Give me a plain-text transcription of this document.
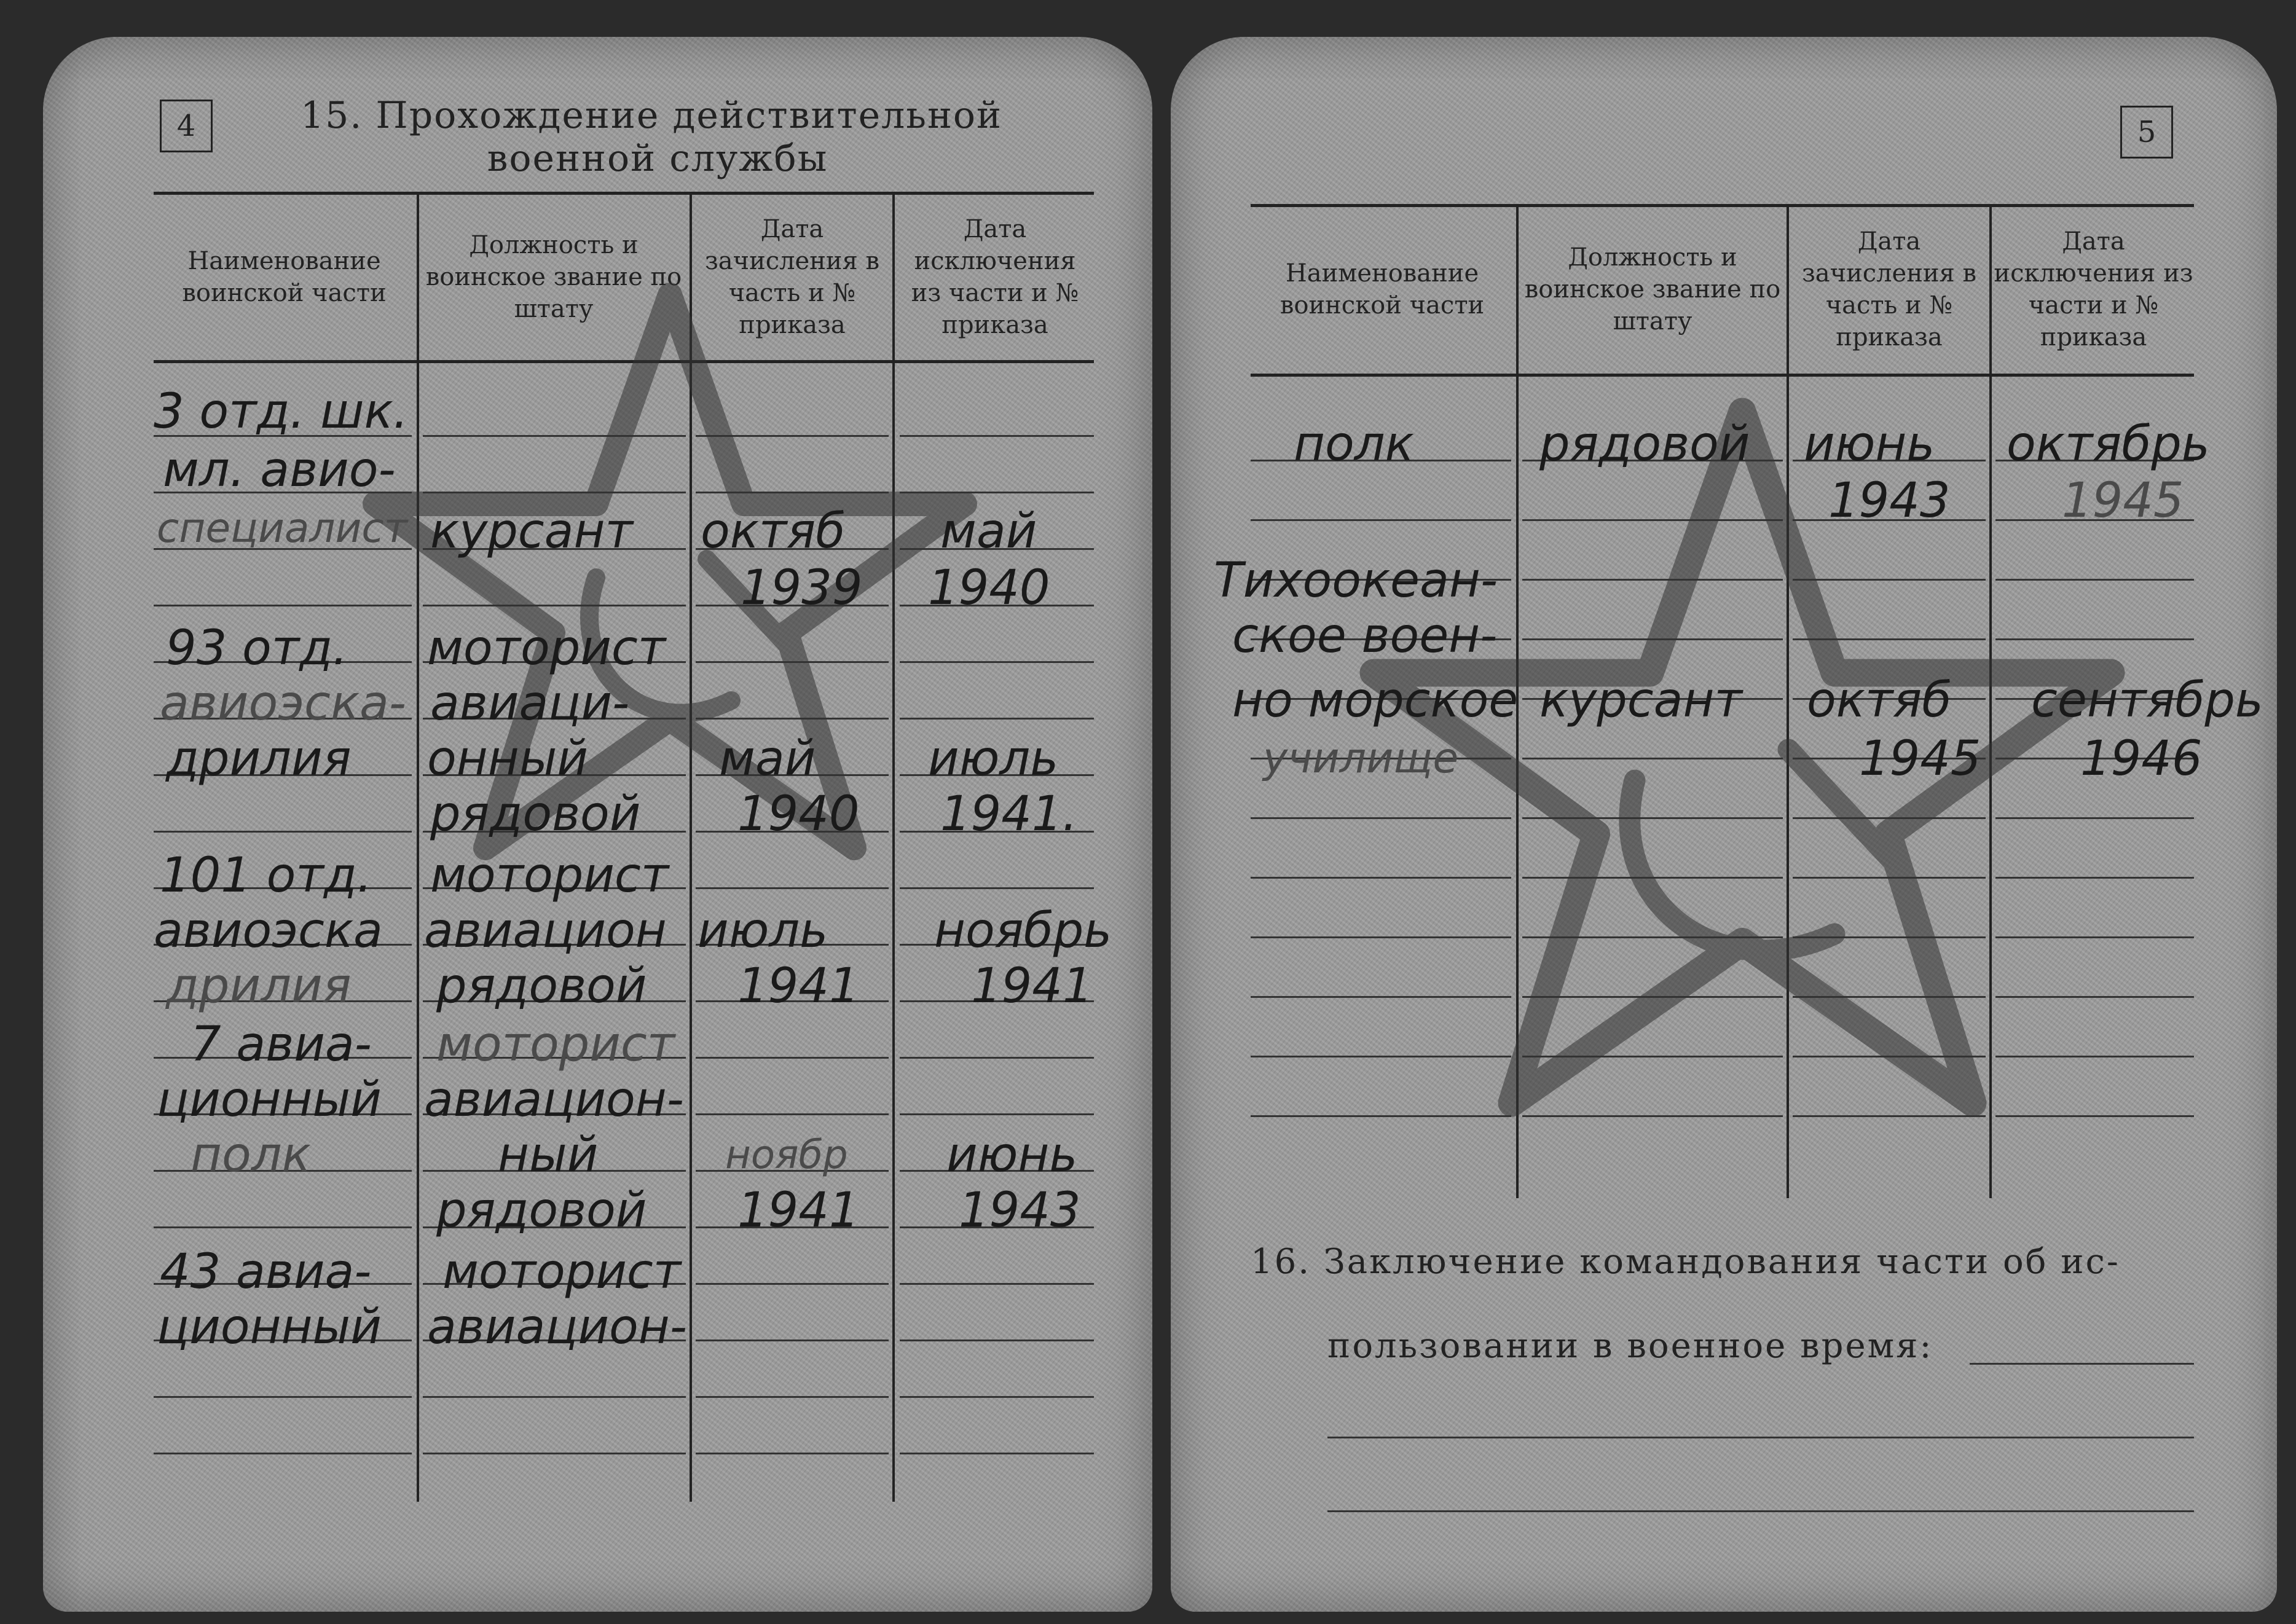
4	15. Прохождение действительной
военной службы
Наименование воинской части
Должность и воинское звание по штату
Дата зачисления в часть и № приказа
Дата исключения из части и № приказа
3 отд. шк.
мл. авио-
специалист курсант октяб
1939
май
1940
93 отд.
авиоэска-
дрилия
моторист
авиаци-
онный
рядовой
май
1940
июль
1941.
101 отд.
авиоэска
дрилия
моторист
авиацион
рядовой
июль
1941
ноябрь
1941
7 авиа-
ционный
полк
моторист
авиацион-
ный
рядовой
ноябр
1941
июнь
1943
43 авиа-
ционный
моторист
авиацион-
5
Наименование воинской части
Должность и воинское звание по штату
Дата зачисления в часть и № приказа
Дата исключения из части и № приказа
полк	рядовой июнь
1943
октябрь
1945
Тихоокеан-
ское воен-
но морское
училище
курсант октяб
1945
сентябрь
1946
16. Заключение командования части об ис-
пользовании в военное время:
